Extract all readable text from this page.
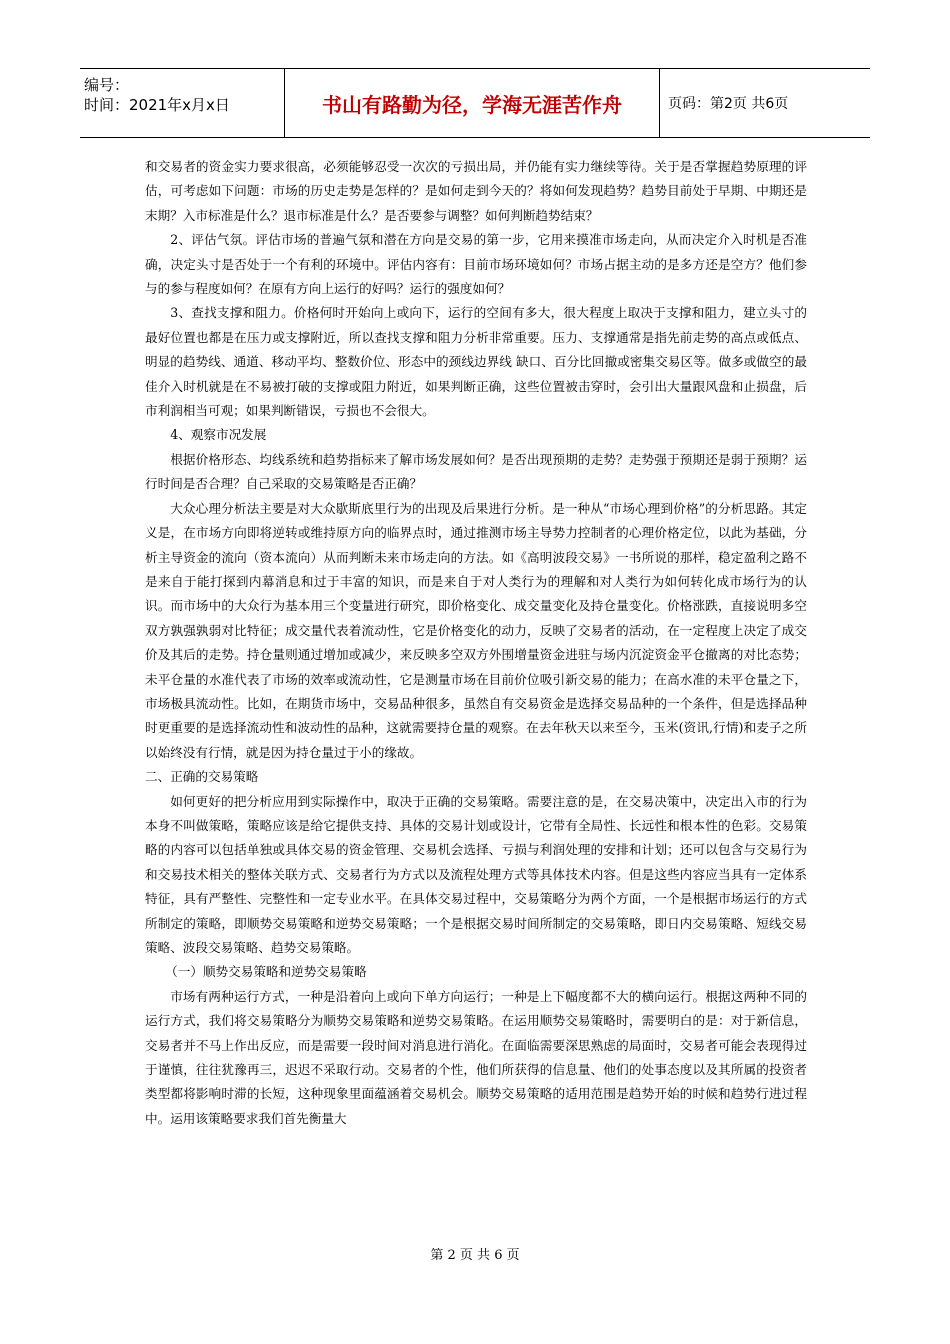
编号：
时间：2021年x月x日	书山有路勤为径，学海无涯苦作舟	页码：第2页 共6页

和交易者的资金实力要求很高，必须能够忍受一次次的亏损出局，并仍能有实力继续等待。关于是否掌握趋势原理的评估，可考虑如下问题：市场的历史走势是怎样的？是如何走到今天的？将如何发现趋势？趋势目前处于早期、中期还是末期？入市标准是什么？退市标准是什么？是否要参与调整？如何判断趋势结束？

2、评估气氛。评估市场的普遍气氛和潜在方向是交易的第一步，它用来摸准市场走向，从而决定介入时机是否准确，决定头寸是否处于一个有利的环境中。评估内容有：目前市场环境如何？市场占据主动的是多方还是空方？他们参与的参与程度如何？在原有方向上运行的好吗？运行的强度如何？

3、查找支撑和阻力。价格何时开始向上或向下，运行的空间有多大，很大程度上取决于支撑和阻力，建立头寸的最好位置也都是在压力或支撑附近，所以查找支撑和阻力分析非常重要。压力、支撑通常是指先前走势的高点或低点、明显的趋势线、通道、移动平均、整数价位、形态中的颈线边界线 缺口、百分比回撤或密集交易区等。做多或做空的最佳介入时机就是在不易被打破的支撑或阻力附近，如果判断正确，这些位置被击穿时，会引出大量跟风盘和止损盘，后市利润相当可观；如果判断错误，亏损也不会很大。

4、观察市况发展

根据价格形态、均线系统和趋势指标来了解市场发展如何？是否出现预期的走势？走势强于预期还是弱于预期？运行时间是否合理？自己采取的交易策略是否正确？

大众心理分析法主要是对大众歇斯底里行为的出现及后果进行分析。是一种从“市场心理到价格”的分析思路。其定义是，在市场方向即将逆转或维持原方向的临界点时，通过推测市场主导势力控制者的心理价格定位，以此为基础，分析主导资金的流向（资本流向）从而判断未来市场走向的方法。如《高明波段交易》一书所说的那样，稳定盈利之路不是来自于能打探到内幕消息和过于丰富的知识，而是来自于对人类行为的理解和对人类行为如何转化成市场行为的认识。而市场中的大众行为基本用三个变量进行研究，即价格变化、成交量变化及持仓量变化。价格涨跌，直接说明多空双方孰强孰弱对比特征；成交量代表着流动性，它是价格变化的动力，反映了交易者的活动，在一定程度上决定了成交价及其后的走势。持仓量则通过增加或减少，来反映多空双方外围增量资金进驻与场内沉淀资金平仓撤离的对比态势；未平仓量的水准代表了市场的效率或流动性，它是测量市场在目前价位吸引新交易的能力；在高水准的未平仓量之下，市场极具流动性。比如，在期货市场中，交易品种很多，虽然自有交易资金是选择交易品种的一个条件，但是选择品种时更重要的是选择流动性和波动性的品种，这就需要持仓量的观察。在去年秋天以来至今，玉米(资讯,行情)和麦子之所以始终没有行情，就是因为持仓量过于小的缘故。

二、正确的交易策略

如何更好的把分析应用到实际操作中，取决于正确的交易策略。需要注意的是，在交易决策中，决定出入市的行为本身不叫做策略，策略应该是给它提供支持、具体的交易计划或设计，它带有全局性、长远性和根本性的色彩。交易策略的内容可以包括单独或具体交易的资金管理、交易机会选择、亏损与利润处理的安排和计划；还可以包含与交易行为和交易技术相关的整体关联方式、交易者行为方式以及流程处理方式等具体技术内容。但是这些内容应当具有一定体系特征，具有严整性、完整性和一定专业水平。在具体交易过程中，交易策略分为两个方面，一个是根据市场运行的方式所制定的策略，即顺势交易策略和逆势交易策略；一个是根据交易时间所制定的交易策略，即日内交易策略、短线交易策略、波段交易策略、趋势交易策略。

（一）顺势交易策略和逆势交易策略

市场有两种运行方式，一种是沿着向上或向下单方向运行；一种是上下幅度都不大的横向运行。根据这两种不同的运行方式，我们将交易策略分为顺势交易策略和逆势交易策略。在运用顺势交易策略时，需要明白的是：对于新信息，交易者并不马上作出反应，而是需要一段时间对消息进行消化。在面临需要深思熟虑的局面时，交易者可能会表现得过于谨慎，往往犹豫再三，迟迟不采取行动。交易者的个性，他们所获得的信息量、他们的处事态度以及其所属的投资者类型都将影响时滞的长短，这种现象里面蕴涵着交易机会。顺势交易策略的适用范围是趋势开始的时候和趋势行进过程中。运用该策略要求我们首先衡量大

第 2 页 共 6 页
